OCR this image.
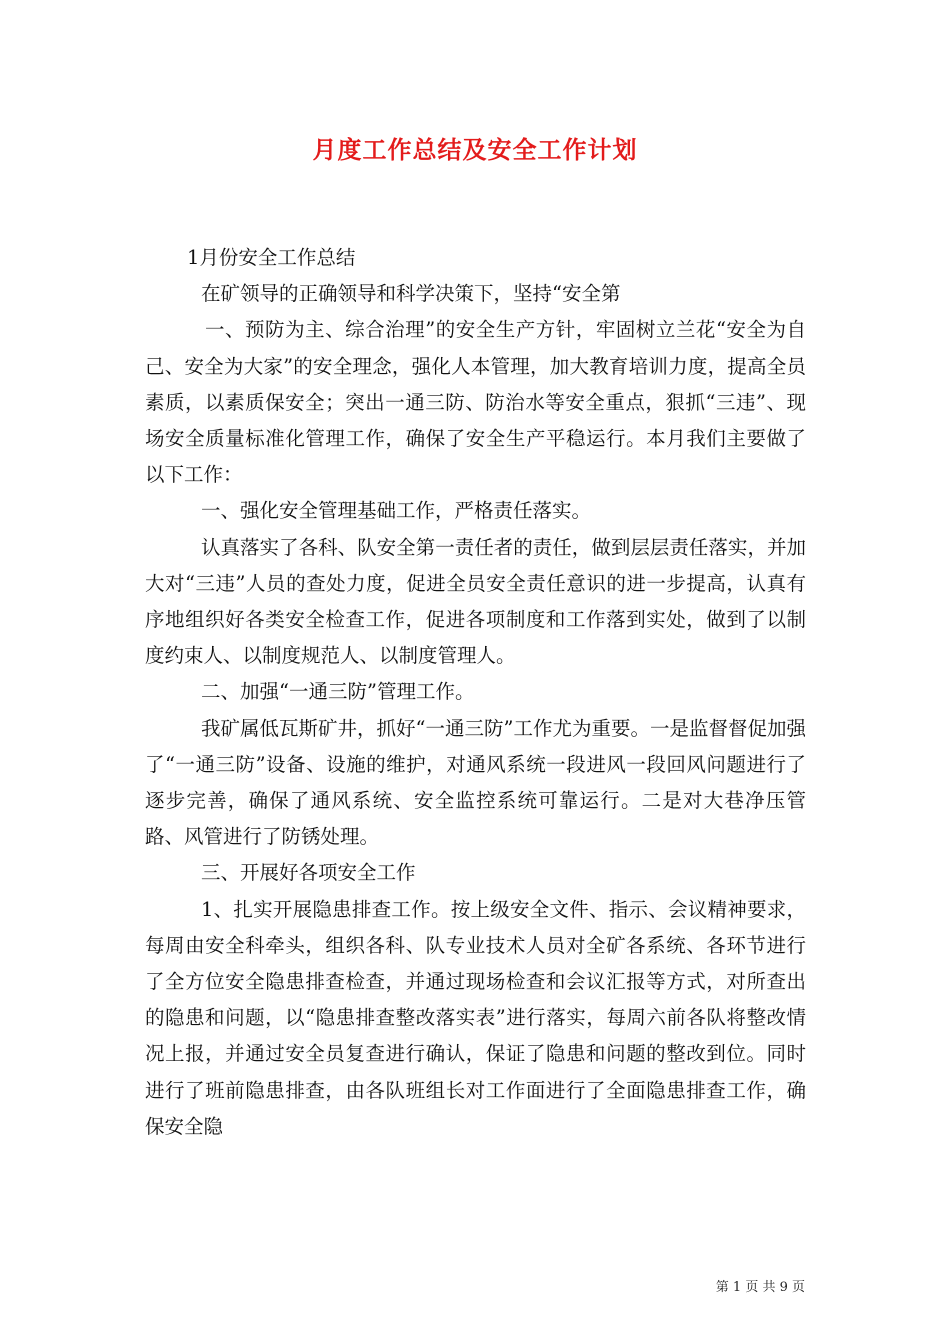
月度工作总结及安全工作计划

1月份安全工作总结

在矿领导的正确领导和科学决策下，坚持“安全第

一、预防为主、综合治理”的安全生产方针，牢固树立兰花“安全为自己、安全为大家”的安全理念，强化人本管理，加大教育培训力度，提高全员素质，以素质保安全；突出一通三防、防治水等安全重点，狠抓“三违”、现场安全质量标准化管理工作，确保了安全生产平稳运行。本月我们主要做了以下工作：

一、强化安全管理基础工作，严格责任落实。

认真落实了各科、队安全第一责任者的责任，做到层层责任落实，并加大对“三违”人员的查处力度，促进全员安全责任意识的进一步提高，认真有序地组织好各类安全检查工作，促进各项制度和工作落到实处，做到了以制度约束人、以制度规范人、以制度管理人。

二、加强“一通三防”管理工作。

我矿属低瓦斯矿井，抓好“一通三防”工作尤为重要。一是监督督促加强了“一通三防”设备、设施的维护，对通风系统一段进风一段回风问题进行了逐步完善，确保了通风系统、安全监控系统可靠运行。二是对大巷净压管路、风管进行了防锈处理。

三、开展好各项安全工作

1、扎实开展隐患排查工作。按上级安全文件、指示、会议精神要求，每周由安全科牵头，组织各科、队专业技术人员对全矿各系统、各环节进行了全方位安全隐患排查检查，并通过现场检查和会议汇报等方式，对所查出的隐患和问题，以“隐患排查整改落实表”进行落实，每周六前各队将整改情况上报，并通过安全员复查进行确认，保证了隐患和问题的整改到位。同时进行了班前隐患排查，由各队班组长对工作面进行了全面隐患排查工作，确保安全隐

第 1 页 共 9 页
